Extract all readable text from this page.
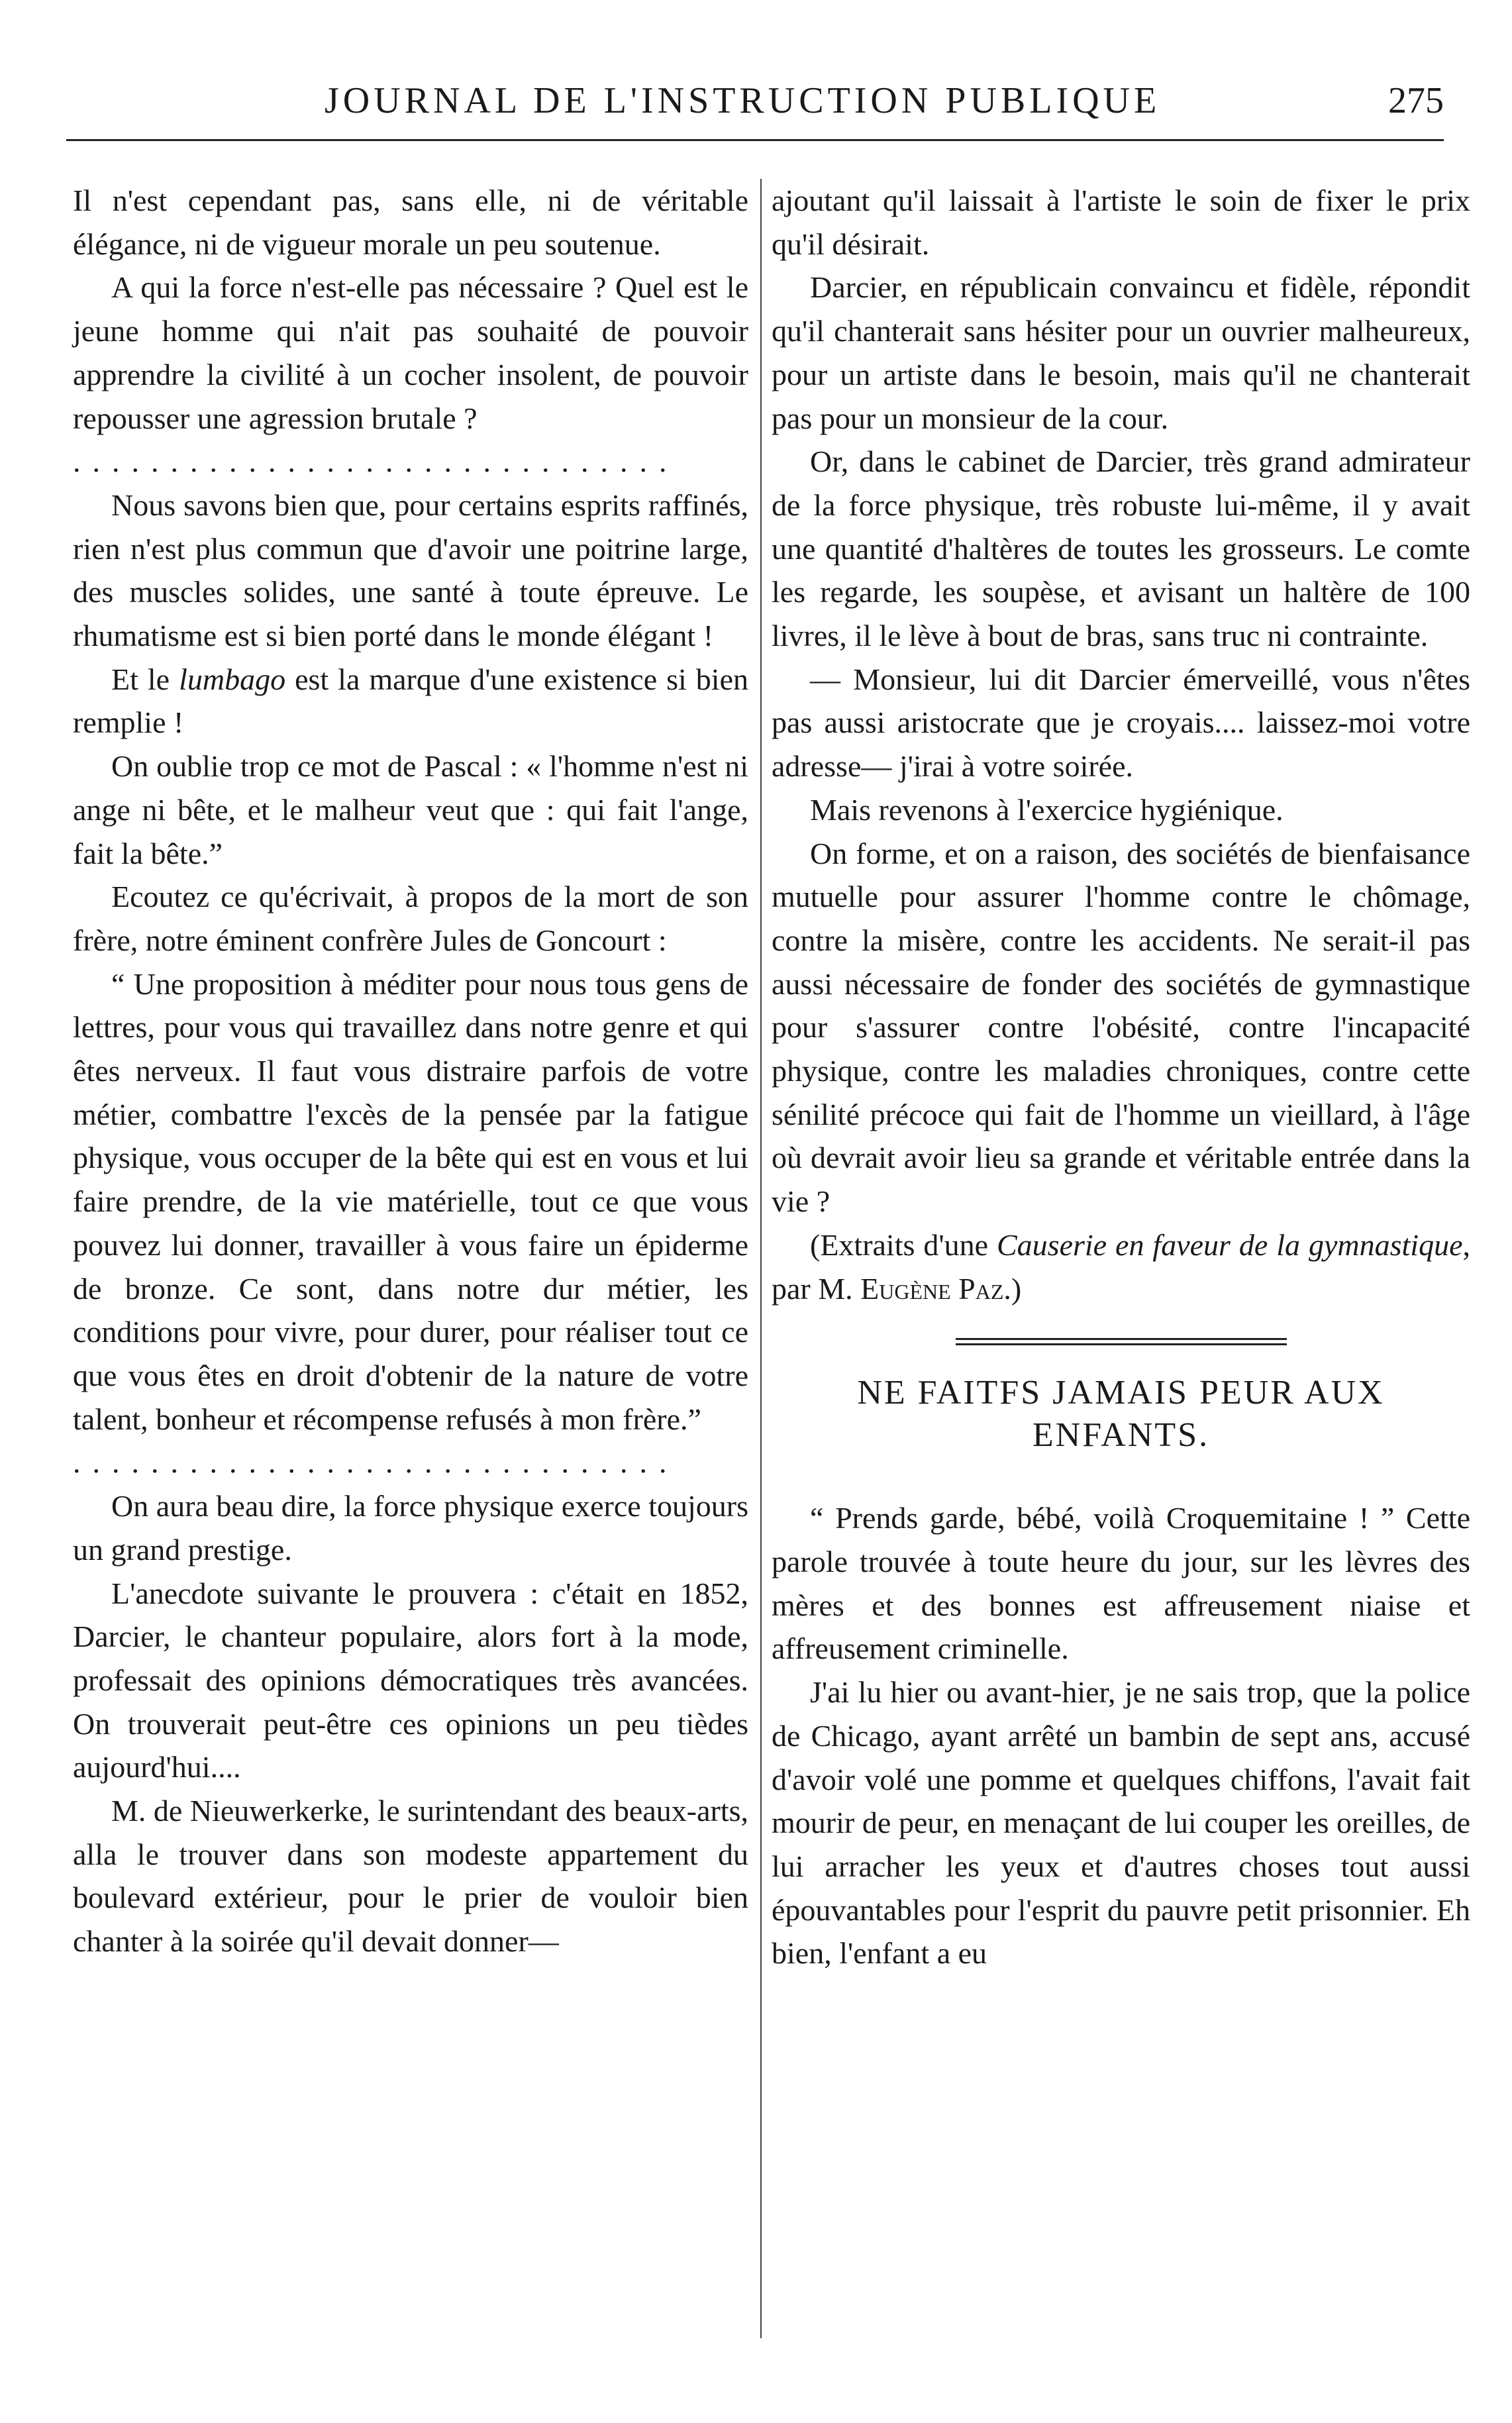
JOURNAL DE L'INSTRUCTION PUBLIQUE	275

Il n'est cependant pas, sans elle, ni de véritable élégance, ni de vigueur morale un peu soutenue.

A qui la force n'est-elle pas nécessaire ? Quel est le jeune homme qui n'ait pas souhaité de pouvoir apprendre la civilité à un cocher insolent, de pouvoir repousser une agression brutale ?

...............................

Nous savons bien que, pour certains esprits raffinés, rien n'est plus commun que d'avoir une poitrine large, des muscles solides, une santé à toute épreuve. Le rhumatisme est si bien porté dans le monde élégant !

Et le lumbago est la marque d'une existence si bien remplie !

On oublie trop ce mot de Pascal : « l'homme n'est ni ange ni bête, et le malheur veut que : qui fait l'ange, fait la bête.”

Ecoutez ce qu'écrivait, à propos de la mort de son frère, notre éminent confrère Jules de Goncourt :

“ Une proposition à méditer pour nous tous gens de lettres, pour vous qui travaillez dans notre genre et qui êtes nerveux. Il faut vous distraire parfois de votre métier, combattre l'excès de la pensée par la fatigue physique, vous occuper de la bête qui est en vous et lui faire prendre, de la vie matérielle, tout ce que vous pouvez lui donner, travailler à vous faire un épiderme de bronze. Ce sont, dans notre dur métier, les conditions pour vivre, pour durer, pour réaliser tout ce que vous êtes en droit d'obtenir de la nature de votre talent, bonheur et récompense refusés à mon frère.”

...............................

On aura beau dire, la force physique exerce toujours un grand prestige.

L'anecdote suivante le prouvera : c'était en 1852, Darcier, le chanteur populaire, alors fort à la mode, professait des opinions démocratiques très avancées. On trouverait peut-être ces opinions un peu tièdes aujourd'hui....

M. de Nieuwerkerke, le surintendant des beaux-arts, alla le trouver dans son modeste appartement du boulevard extérieur, pour le prier de vouloir bien chanter à la soirée qu'il devait donner—

ajoutant qu'il laissait à l'artiste le soin de fixer le prix qu'il désirait.

Darcier, en républicain convaincu et fidèle, répondit qu'il chanterait sans hésiter pour un ouvrier malheureux, pour un artiste dans le besoin, mais qu'il ne chanterait pas pour un monsieur de la cour.

Or, dans le cabinet de Darcier, très grand admirateur de la force physique, très robuste lui-même, il y avait une quantité d'haltères de toutes les grosseurs. Le comte les regarde, les soupèse, et avisant un haltère de 100 livres, il le lève à bout de bras, sans truc ni contrainte.

— Monsieur, lui dit Darcier émerveillé, vous n'êtes pas aussi aristocrate que je croyais.... laissez-moi votre adresse— j'irai à votre soirée.

Mais revenons à l'exercice hygiénique.

On forme, et on a raison, des sociétés de bienfaisance mutuelle pour assurer l'homme contre le chômage, contre la misère, contre les accidents. Ne serait-il pas aussi nécessaire de fonder des sociétés de gymnastique pour s'assurer contre l'obésité, contre l'incapacité physique, contre les maladies chroniques, contre cette sénilité précoce qui fait de l'homme un vieillard, à l'âge où devrait avoir lieu sa grande et véritable entrée dans la vie ?

(Extraits d'une Causerie en faveur de la gymnastique, par M. Eugène Paz.)

NE FAITFS JAMAIS PEUR AUX ENFANTS.

“ Prends garde, bébé, voilà Croquemitaine ! ” Cette parole trouvée à toute heure du jour, sur les lèvres des mères et des bonnes est affreusement niaise et affreusement criminelle.

J'ai lu hier ou avant-hier, je ne sais trop, que la police de Chicago, ayant arrêté un bambin de sept ans, accusé d'avoir volé une pomme et quelques chiffons, l'avait fait mourir de peur, en menaçant de lui couper les oreilles, de lui arracher les yeux et d'autres choses tout aussi épouvantables pour l'esprit du pauvre petit prisonnier. Eh bien, l'enfant a eu
